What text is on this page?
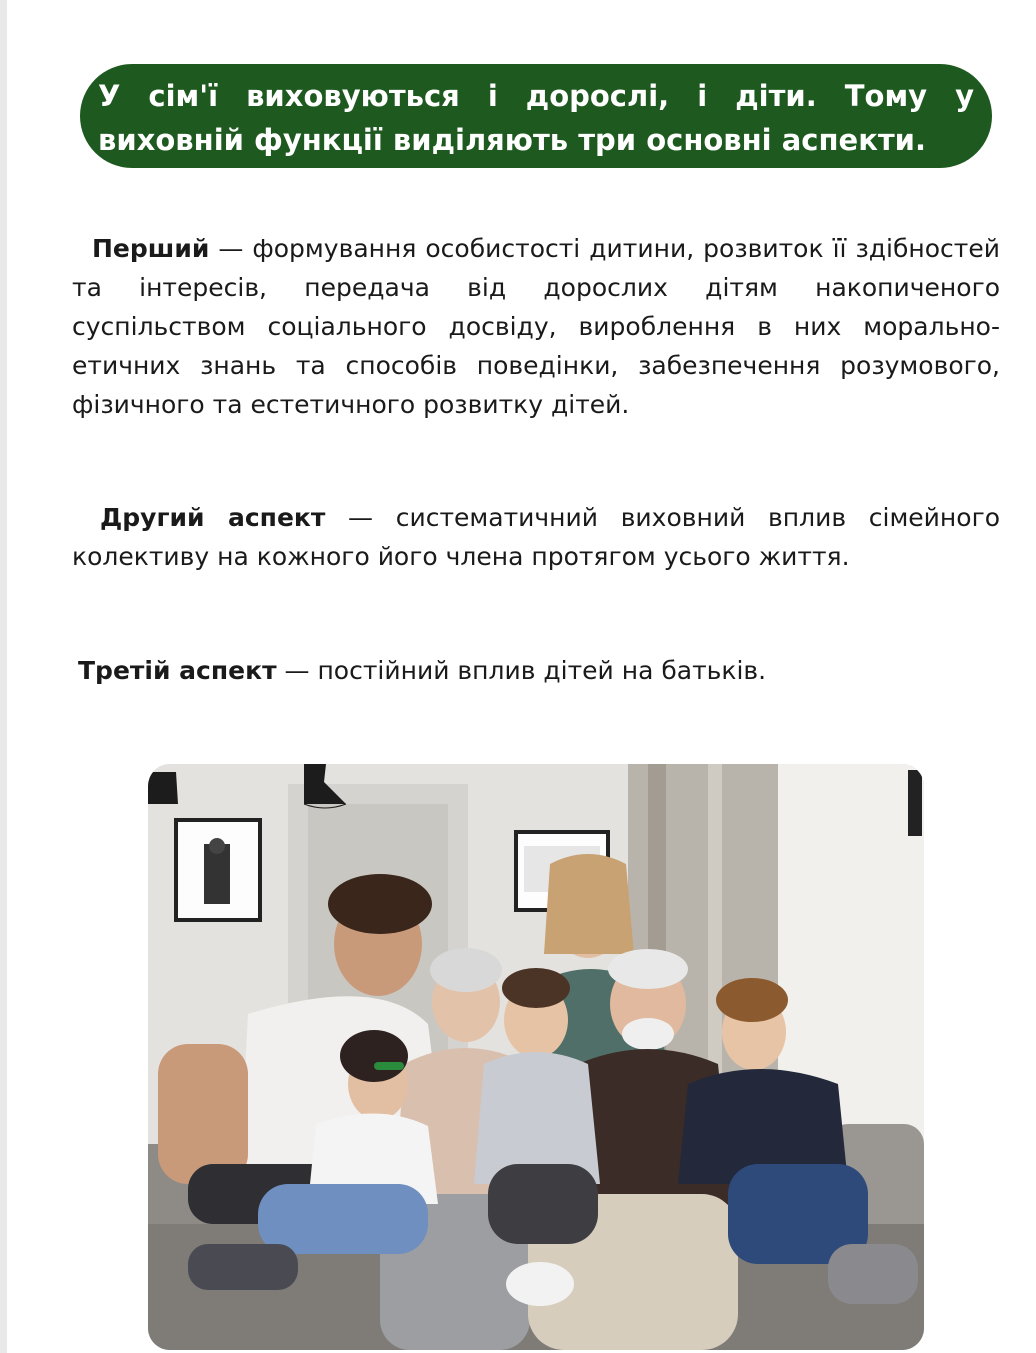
У сім'ї виховуються і дорослі, і діти. Тому у
виховній функції виділяють три основні аспекти.

Перший — формування особистості дитини, розвиток її здібностей та інтересів, передача від дорослих дітям накопиченого суспільством соціального досвіду, вироблення в них морально-етичних знань та способів поведінки, забезпечення розумового, фізичного та естетичного розвитку дітей.

Другий аспект — систематичний виховний вплив сімейного колективу на кожного його члена протягом усього життя.

Третій аспект — постійний вплив дітей на батьків.
